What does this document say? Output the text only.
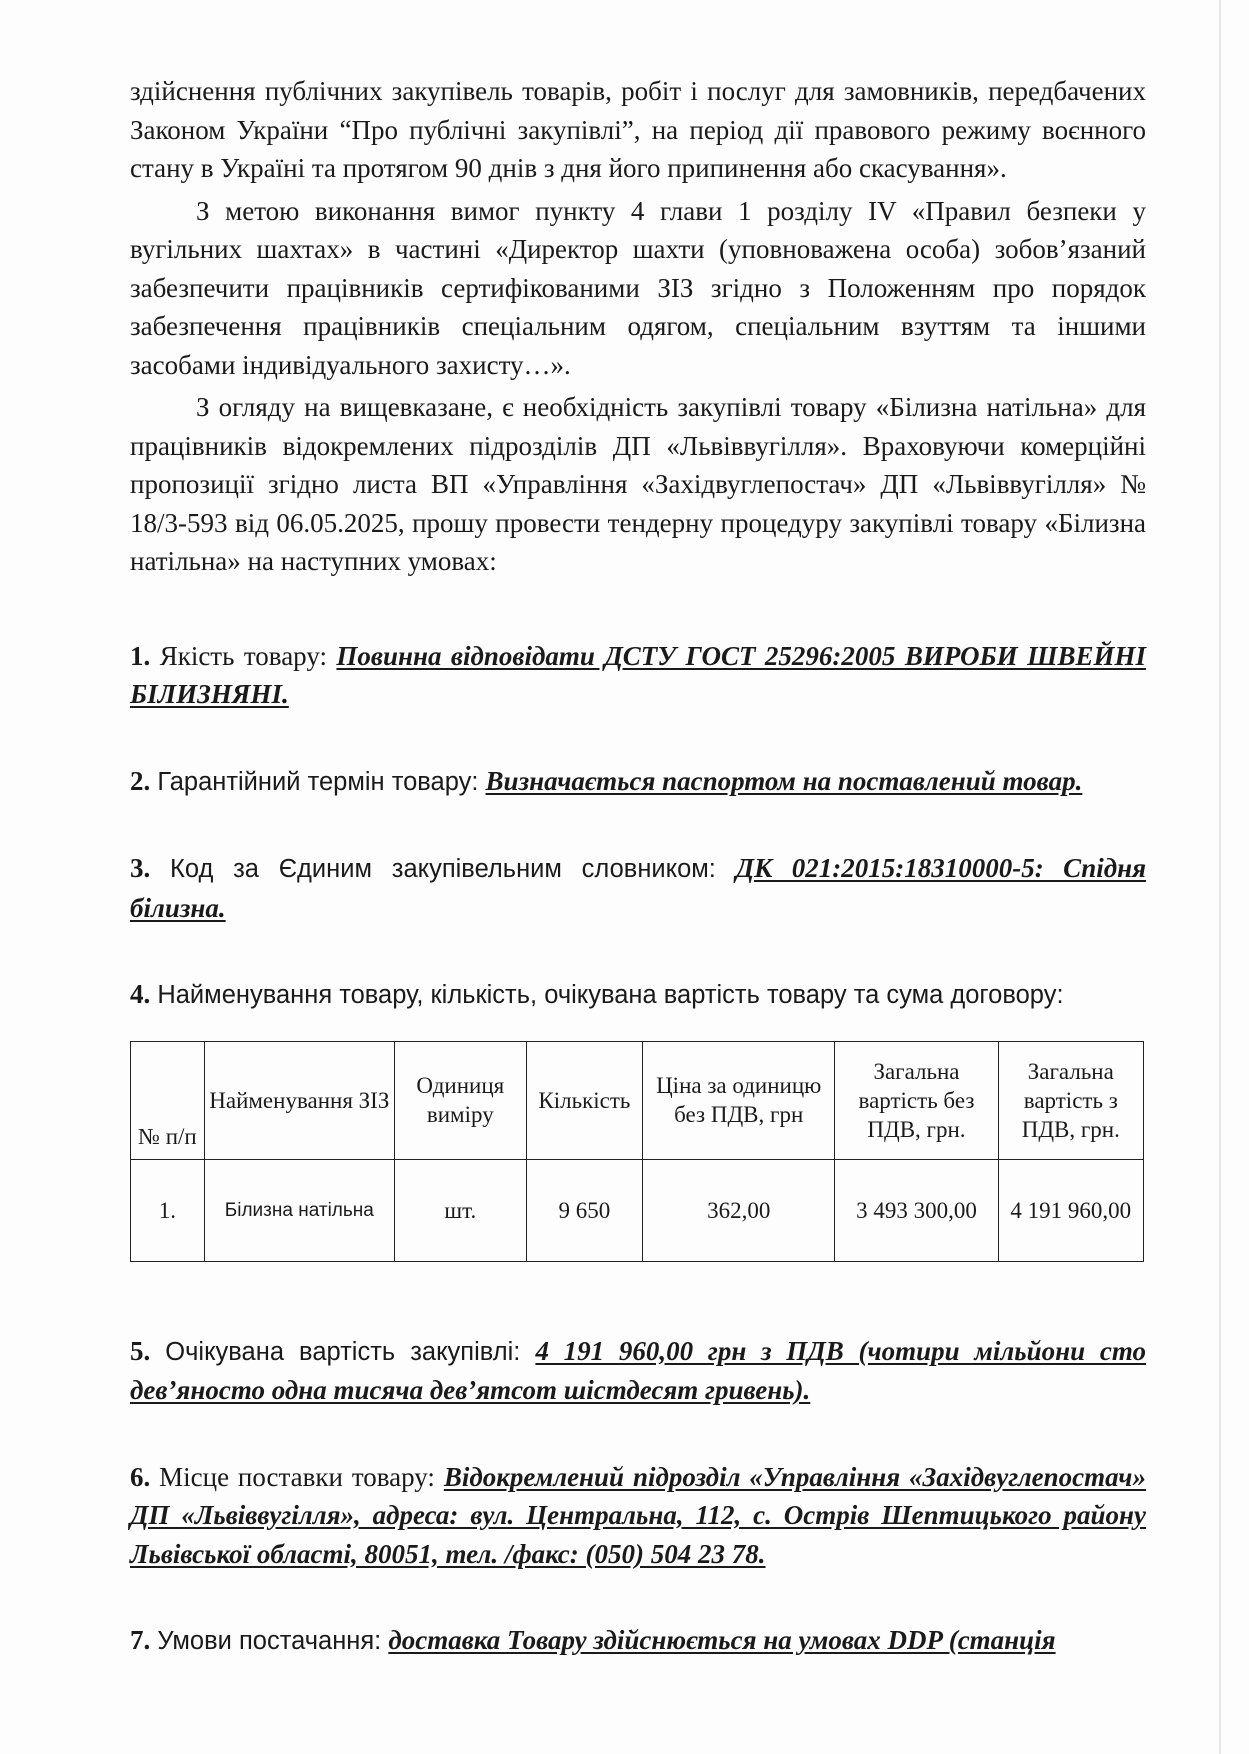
здійснення публічних закупівель товарів, робіт і послуг для замовників, передбачених Законом України “Про публічні закупівлі”, на період дії правового режиму воєнного стану в Україні та протягом 90 днів з дня його припинення або скасування».

З метою виконання вимог пункту 4 глави 1 розділу IV «Правил безпеки у вугільних шахтах» в частині «Директор шахти (уповноважена особа) зобов’язаний забезпечити працівників сертифікованими ЗІЗ згідно з Положенням про порядок забезпечення працівників спеціальним одягом, спеціальним взуттям та іншими засобами індивідуального захисту…».

З огляду на вищевказане, є необхідність закупівлі товару «Білизна натільна» для працівників відокремлених підрозділів ДП «Львіввугілля». Враховуючи комерційні пропозиції згідно листа ВП «Управління «Західвуглепостач» ДП «Львіввугілля» № 18/3-593 від 06.05.2025, прошу провести тендерну процедуру закупівлі товару «Білизна натільна» на наступних умовах:

1. Якість товару: Повинна відповідати ДСТУ ГОСТ 25296:2005 ВИРОБИ ШВЕЙНІ БІЛИЗНЯНІ.

2. Гарантійний термін товару: Визначається паспортом на поставлений товар.

3. Код за Єдиним закупівельним словником: ДК 021:2015:18310000-5: Спідня білизна.

4. Найменування товару, кількість, очікувана вартість товару та сума договору:

№ п/п	Найменування ЗІЗ	Одиниця виміру	Кількість	Ціна за одиницю без ПДВ, грн	Загальна вартість без ПДВ, грн.	Загальна вартість з ПДВ, грн.
1.	Білизна натільна	шт.	9 650	362,00	3 493 300,00	4 191 960,00

5. Очікувана вартість закупівлі: 4 191 960,00 грн з ПДВ (чотири мільйони сто дев’яносто одна тисяча дев’ятсот шістдесят гривень).

6. Місце поставки товару: Відокремлений підрозділ «Управління «Західвуглепостач» ДП «Львіввугілля», адреса: вул. Центральна, 112, с. Острів Шептицького району Львівської області, 80051, тел. /факс: (050) 504 23 78.

7. Умови постачання: доставка Товару здійснюється на умовах DDP (станція
